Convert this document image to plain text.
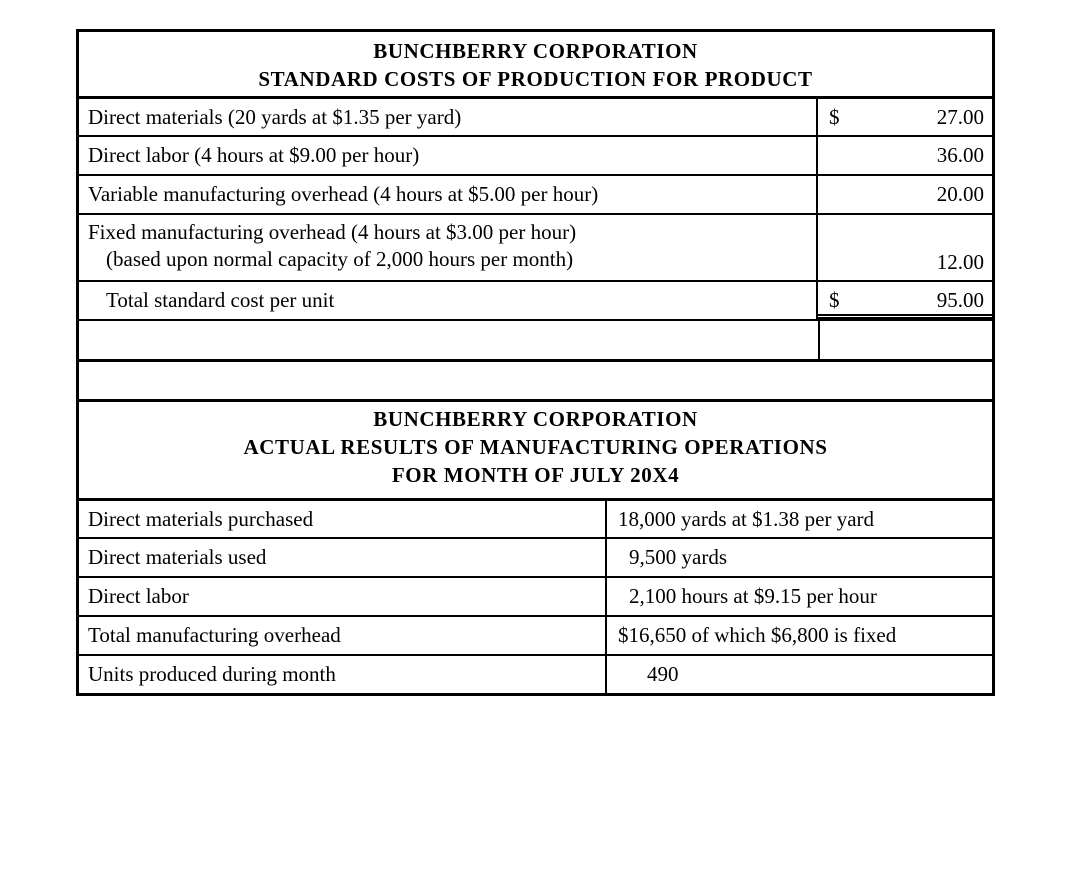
BUNCHBERRY CORPORATION
STANDARD COSTS OF PRODUCTION FOR PRODUCT
Direct materials (20 yards at $1.35 per yard)	$	27.00
Direct labor (4 hours at $9.00 per hour)	36.00
Variable manufacturing overhead (4 hours at $5.00 per hour)	20.00
Fixed manufacturing overhead (4 hours at $3.00 per hour)
(based upon normal capacity of 2,000 hours per month)	12.00
Total standard cost per unit	$	95.00
BUNCHBERRY CORPORATION
ACTUAL RESULTS OF MANUFACTURING OPERATIONS
FOR MONTH OF JULY 20X4
Direct materials purchased	18,000 yards at $1.38 per yard
Direct materials used	9,500 yards
Direct labor	2,100 hours at $9.15 per hour
Total manufacturing overhead	$16,650 of which $6,800 is fixed
Units produced during month	490
